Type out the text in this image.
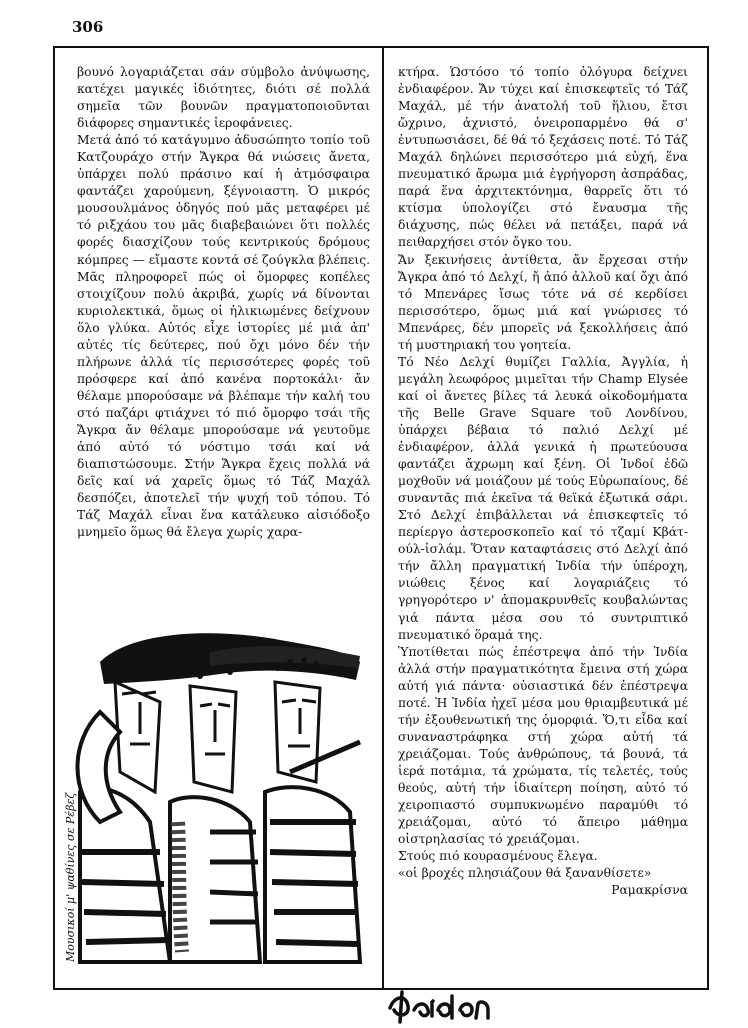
306

βουνό λογαριάζεται σάν σύμβολο ἀνύψωσης, κατέχει μαγικές ἰδιότητες, διότι σέ πολλά σημεῖα τῶν βουνῶν πραγματοποιοῦνται διάφορες σημαντικές ἱεροφάνειες.

Μετά ἀπό τό κατάγυμνο ἀδυσώπητο τοπίο τοῦ Κατζουράχο στήν Ἄγκρα θά νιώσεις ἄνετα, ὑπάρχει πολύ πράσινο καί ἡ ἀτμόσφαιρα φαντάζει χαρούμενη, ξέγνοιαστη. Ὁ μικρός μουσουλμάνος ὁδηγός πού μᾶς μεταφέρει μέ τό ριξχάου του μᾶς διαβεβαιώνει ὅτι πολλές φορές διασχίζουν τούς κεντρικούς δρόμους κόμπρες — εἴμαστε κοντά σέ ζούγκλα βλέπεις. Μᾶς πληροφορεῖ πώς οἱ ὄμορφες κοπέλες στοιχίζουν πολύ ἀκριβά, χωρίς νά δίνονται κυριολεκτικά, ὅμως οἱ ἡλικιωμένες δείχνουν ὅλο γλύκα. Αὐτός εἶχε ἱστορίες μέ μιά ἀπ' αὐτές τίς δεύτερες, πού ὄχι μόνο δέν τήν πλήρωνε ἀλλά τίς περισσότερες φορές τοῦ πρόσφερε καί ἀπό κανένα πορτοκάλι· ἄν θέλαμε μπορούσαμε νά βλέπαμε τήν καλή του στό παζάρι φτιάχνει τό πιό ὄμορφο τσάι τῆς Ἄγκρα ἄν θέλαμε μπορούσαμε νά γευτοῦμε ἀπό αὐτό τό νόστιμο τσάι καί νά διαπιστώσουμε. Στήν Ἄγκρα ἔχεις πολλά νά δεῖς καί νά χαρεῖς ὅμως τό Τάζ Μαχάλ δεσπόζει, ἀποτελεῖ τήν ψυχή τοῦ τόπου. Τό Τάζ Μαχάλ εἶναι ἕνα κατάλευκο αἰσιόδοξο μνημεῖο ὅμως θά ἔλεγα χωρίς χαρα-

κτήρα. Ὡστόσο τό τοπίο ὁλόγυρα δείχνει ἐνδιαφέρον. Ἄν τύχει καί ἐπισκεφτεῖς τό Τάζ Μαχάλ, μέ τήν ἀνατολή τοῦ ἥλιου, ἔτσι ὤχρινο, ἀχνιστό, ὀνειροπαρμένο θά σ' ἐντυπωσιάσει, δέ θά τό ξεχάσεις ποτέ. Τό Τάζ Μαχάλ δηλώνει περισσότερο μιά εὐχή, ἕνα πνευματικό ἄρωμα μιά ἐγρήγορση ἀσπράδας, παρά ἕνα ἀρχιτεκτόνημα, θαρρεῖς ὅτι τό κτίσμα ὑπολογίζει στό ἔναυσμα τῆς διάχυσης, πώς θέλει νά πετάξει, παρά νά πειθαρχήσει στόν ὄγκο του.

Ἄν ξεκινήσεις ἀντίθετα, ἄν ἔρχεσαι στήν Ἄγκρα ἀπό τό Δελχί, ἤ ἀπό ἀλλοῦ καί ὄχι ἀπό τό Μπενάρες ἴσως τότε νά σέ κερδίσει περισσότερο, ὅμως μιά καί γνώρισες τό Μπενάρες, δέν μπορεῖς νά ξεκολλήσεις ἀπό τή μυστηριακή του γοητεία.

Τό Νέο Δελχί θυμίζει Γαλλία, Ἀγγλία, ἡ μεγάλη λεωφόρος μιμεῖται τήν Champ Elysée καί οἱ ἄνετες βίλες τά λευκά οἰκοδομήματα τῆς Belle Grave Square τοῦ Λονδίνου, ὑπάρχει βέβαια τό παλιό Δελχί μέ ἐνδιαφέρον, ἀλλά γενικά ἡ πρωτεύουσα φαντάζει ἄχρωμη καί ξένη. Οἱ Ἰνδοί ἐδῶ μοχθοῦν νά μοιάζουν μέ τούς Εὐρωπαίους, δέ συναντᾶς πιά ἐκεῖνα τά θεϊκά ἐξωτικά σάρι. Στό Δελχί ἐπιβάλλεται νά ἐπισκεφτεῖς τό περίεργο ἀστεροσκοπεῖο καί τό τζαμί Κβάτ-ούλ-ἰσλάμ. Ὅταν καταφτάσεις στό Δελχί ἀπό τήν ἄλλη πραγματική Ἰνδία τήν ὑπέροχη, νιώθεις ξένος καί λογαριάζεις τό γρηγορότερο ν' ἀπομακρυνθεῖς κουβαλώντας γιά πάντα μέσα σου τό συντριπτικό πνευματικό ὅραμά της.

Ὑποτίθεται πώς ἐπέστρεψα ἀπό τήν Ἰνδία ἀλλά στήν πραγματικότητα ἔμεινα στή χώρα αὐτή γιά πάντα· οὐσιαστικά δέν ἐπέστρεψα ποτέ. Ἡ Ἰνδία ἠχεῖ μέσα μου θριαμβευτικά μέ τήν ἐξουθενωτική της ὀμορφιά. Ὅ,τι εἶδα καί συναναστράφηκα στή χώρα αὐτή τά χρειάζομαι. Τούς ἀνθρώπους, τά βουνά, τά ἱερά ποτάμια, τά χρώματα, τίς τελετές, τούς θεούς, αὐτή τήν ἰδιαίτερη ποίηση, αὐτό τό χειροπιαστό συμπυκνωμένο παραμύθι τό χρειάζομαι, αὐτό τό ἄπειρο μάθημα οἰστρηλασίας τό χρειάζομαι.

Στούς πιό κουρασμένους ἔλεγα.
«οἱ βροχές πλησιάζουν θά ξανανθίσετε»
Ραμακρίσνα
Μουσικοί μ' ψαθίνες σε Ρέβεζ
